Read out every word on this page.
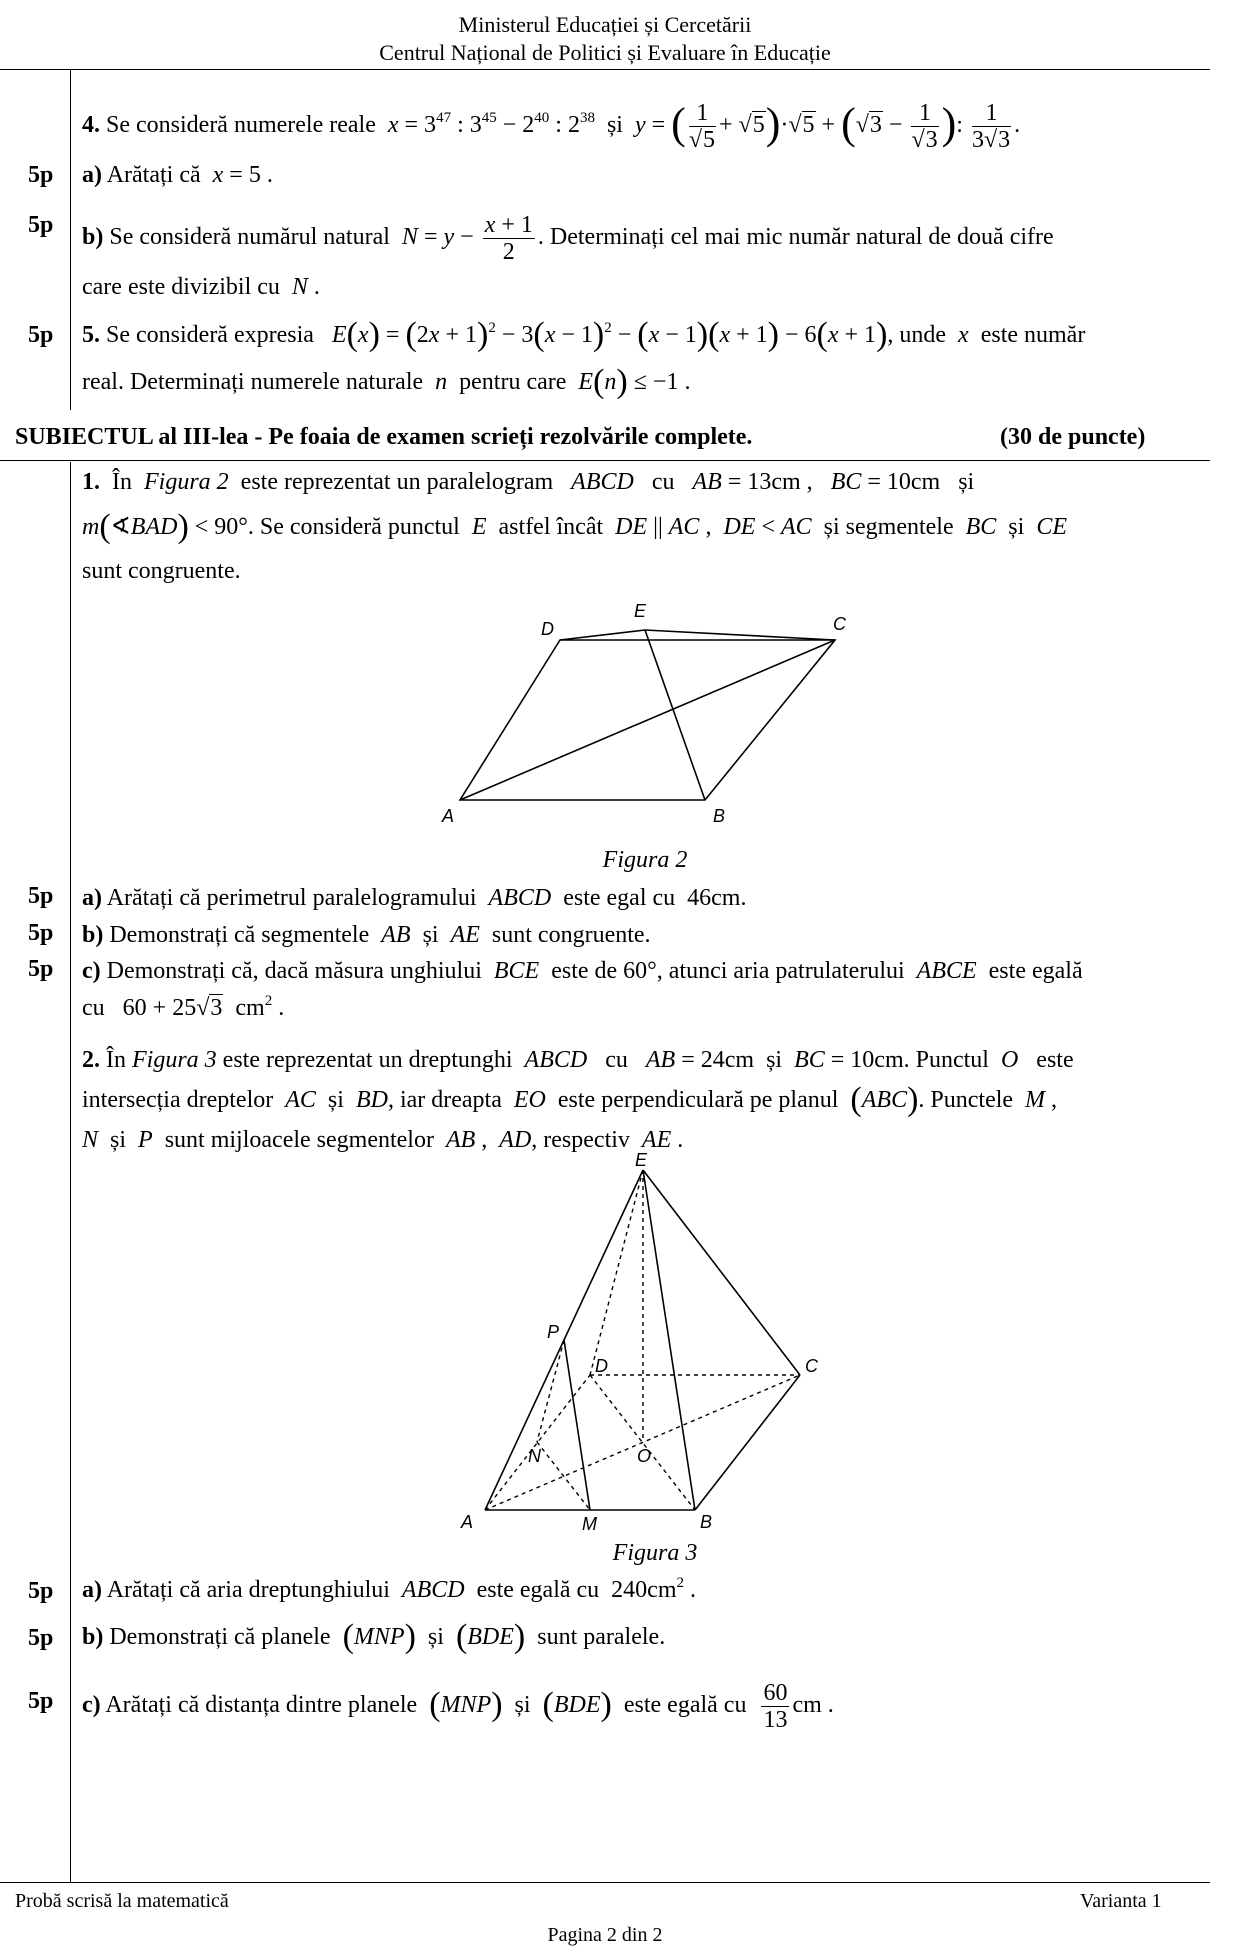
Ministerul Educației și Cercetării
Centrul Național de Politici și Evaluare în Educație
4. Se consideră numerele reale $x = 3^{47}$ : $3^{45} - 2^{40}$ : $2^{38}$ și y = ( $\frac{1}{√5} + √5)\cdot√5 + (√3 - \frac{1}{√3}$ ): $\frac{1}{3√3}$ .
5p a) Arătați că x = 5 .
5p b) Se consideră numărul natural $N = y - \frac{x + 1}{2}$ . Determinați cel mai mic număr natural de două cifre
care este divizibil cu N .
5p 5. Se consideră expresia $E(x) = (2x + 1)^2 - 3(x - 1)^2 - (x - 1)(x + 1) - 6(x + 1)$, unde x este număr
real. Determinați numerele naturale n pentru care E(n) ≤ −1 .
SUBIECTUL al III-lea - Pe foaia de examen scrieți rezolvările complete.	(30 de puncte)
1. În Figura 2 este reprezentat un paralelogram ABCD cu AB = 13cm ,   BC = 10cm   și
m(∢BAD) < 90°. Se consideră punctul E astfel încât DE || AC ,  DE < AC și segmentele BC și CE
sunt congruente.
A	B
C
D
E
Figura 2
5p a) Arătați că perimetrul paralelogramului ABCD este egal cu 46cm.
5p b) Demonstrați că segmentele AB și AE sunt congruente.
5p c) Demonstrați că, dacă măsura unghiului BCE este de 60°, atunci aria patrulaterului ABCE este egală
cu   60 + 25√3  $cm^2$ .
2. În Figura 3 este reprezentat un dreptunghi ABCD cu AB = 24cm  și BC = 10cm. Punctul O este
intersecția dreptelor AC și BD, iar dreapta EO este perpendiculară pe planul (ABC). Punctele M ,
N și P sunt mijloacele segmentelor AB ,  AD, respectiv AE .
A	B
C
D
E
M
N	O
P
Figura 3
5p a) Arătați că aria dreptunghiului ABCD este egală cu  $240cm^2$ .
5p b) Demonstrați că planele (MNP) și (BDE) sunt paralele.
5p c) Arătați că distanța dintre planele (MNP) și (BDE) este egală cu $\frac{60}{13}$ cm .
Probă scrisă la matematică	Varianta 1
Pagina 2 din 2
